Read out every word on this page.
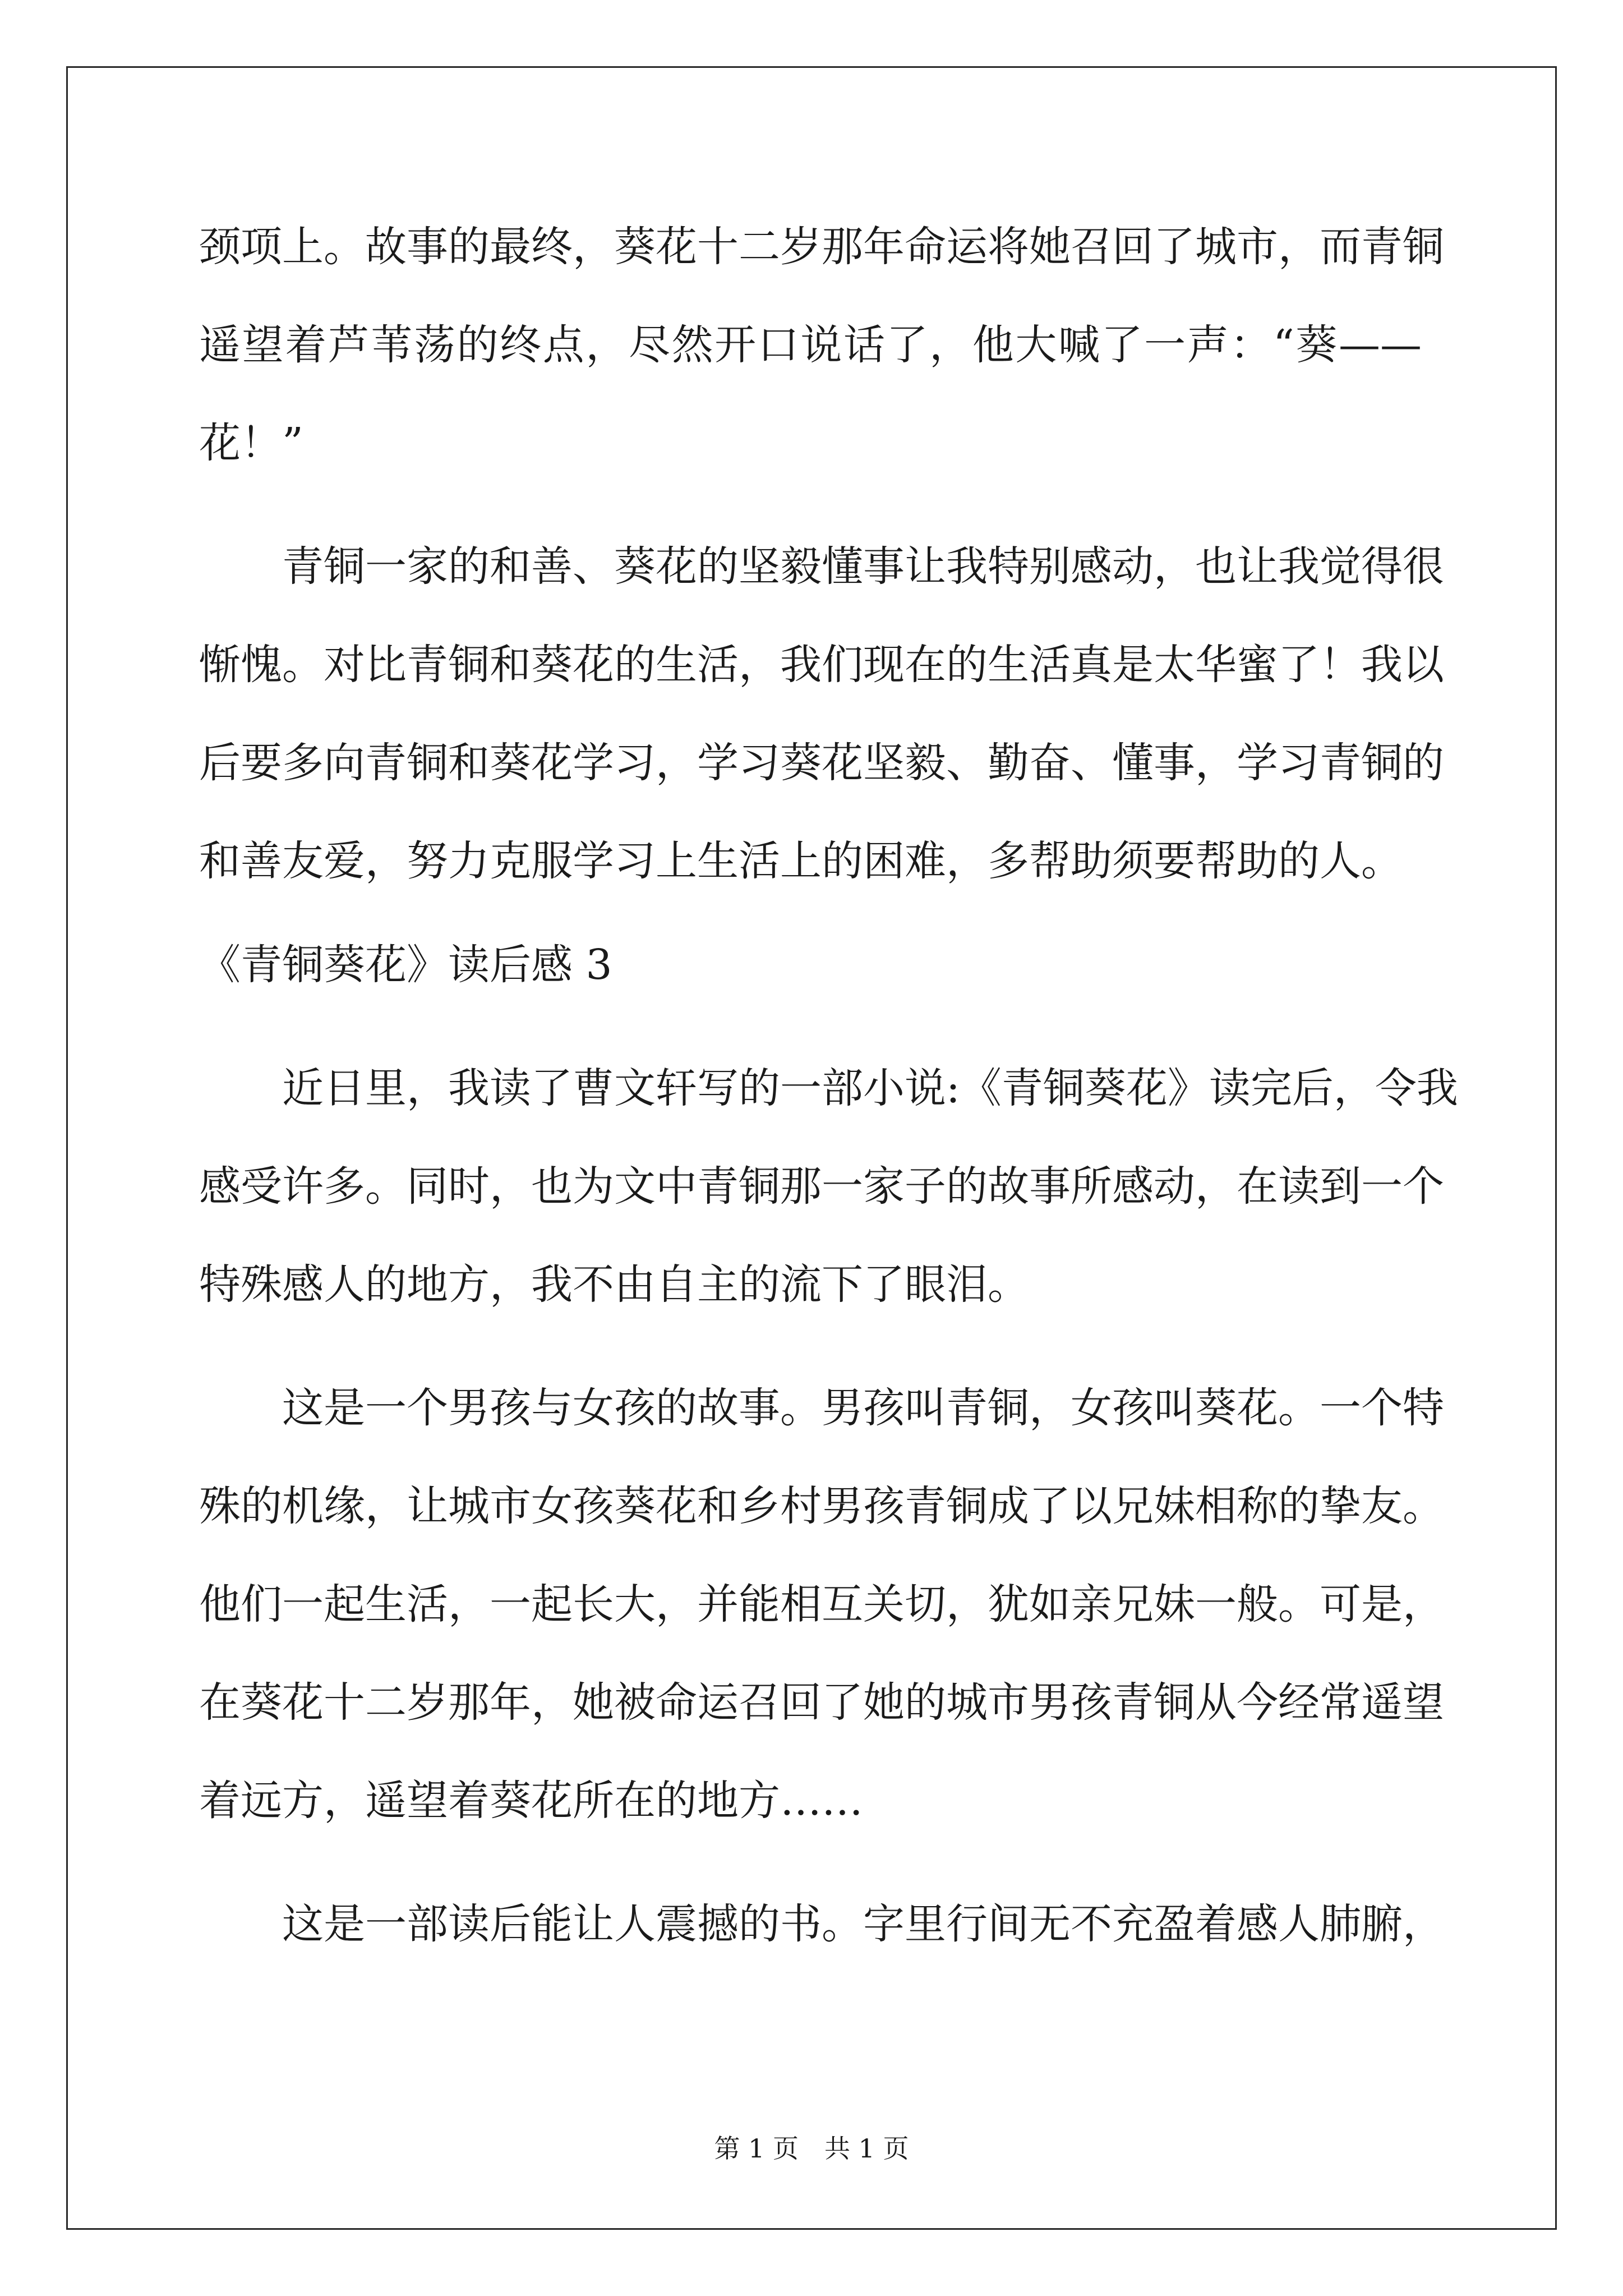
颈项上。故事的最终，葵花十二岁那年命运将她召回了城市，而青铜
遥望着芦苇荡的终点，尽然开口说话了，他大喊了一声：“葵——
花！”
青铜一家的和善、葵花的坚毅懂事让我特别感动，也让我觉得很
惭愧。对比青铜和葵花的生活，我们现在的生活真是太华蜜了！我以
后要多向青铜和葵花学习，学习葵花坚毅、勤奋、懂事，学习青铜的
和善友爱，努力克服学习上生活上的困难，多帮助须要帮助的人。
《青铜葵花》读后感 3
近日里，我读了曹文轩写的一部小说:《青铜葵花》读完后，令我
感受许多。同时，也为文中青铜那一家子的故事所感动，在读到一个
特殊感人的地方，我不由自主的流下了眼泪。
这是一个男孩与女孩的故事。男孩叫青铜，女孩叫葵花。一个特
殊的机缘，让城市女孩葵花和乡村男孩青铜成了以兄妹相称的挚友。
他们一起生活，一起长大，并能相互关切，犹如亲兄妹一般。可是，
在葵花十二岁那年，她被命运召回了她的城市男孩青铜从今经常遥望
着远方，遥望着葵花所在的地方……
这是一部读后能让人震撼的书。字里行间无不充盈着感人肺腑，
第 1 页　共 1 页
